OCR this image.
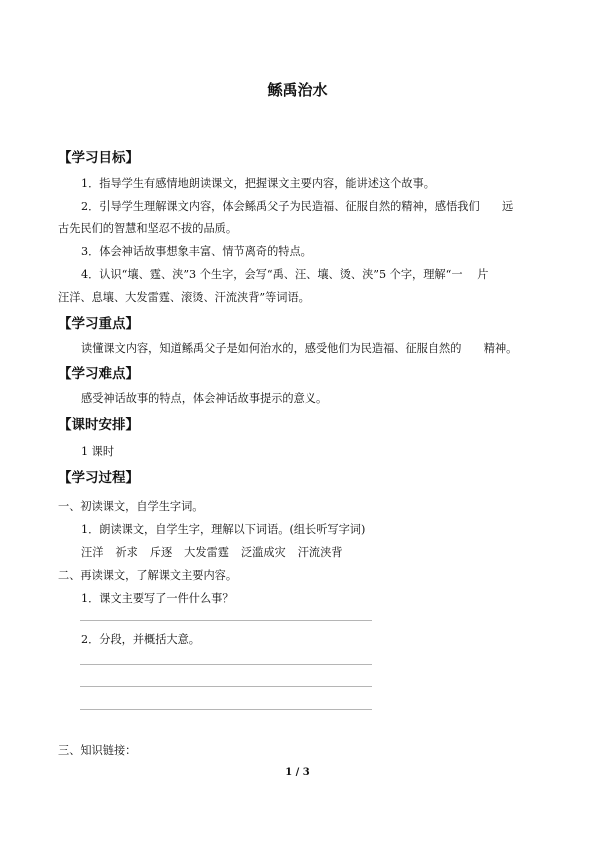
鲧禹治水
【学习目标】
1．指导学生有感情地朗读课文，把握课文主要内容，能讲述这个故事。
2．引导学生理解课文内容，体会鲧禹父子为民造福、征服自然的精神，感悟我们　　远
古先民们的智慧和坚忍不拔的品质。
3．体会神话故事想象丰富、情节离奇的特点。
4．认识“壤、霆、浃”3 个生字，会写“禹、汪、壤、烫、浃”5 个字，理解“一　 片
汪洋、息壤、大发雷霆、滚烫、汗流浃背”等词语。
【学习重点】
读懂课文内容，知道鲧禹父子是如何治水的，感受他们为民造福、征服自然的　　精神。
【学习难点】
感受神话故事的特点，体会神话故事提示的意义。
【课时安排】
1 课时
【学习过程】
一、初读课文，自学生字词。
1．朗读课文，自学生字，理解以下词语。(组长听写字词)
汪洋 祈求 斥逐 大发雷霆 泛滥成灾 汗流浃背
二、再读课文，了解课文主要内容。
1．课文主要写了一件什么事？
2．分段，并概括大意。
三、知识链接：
1 / 3
